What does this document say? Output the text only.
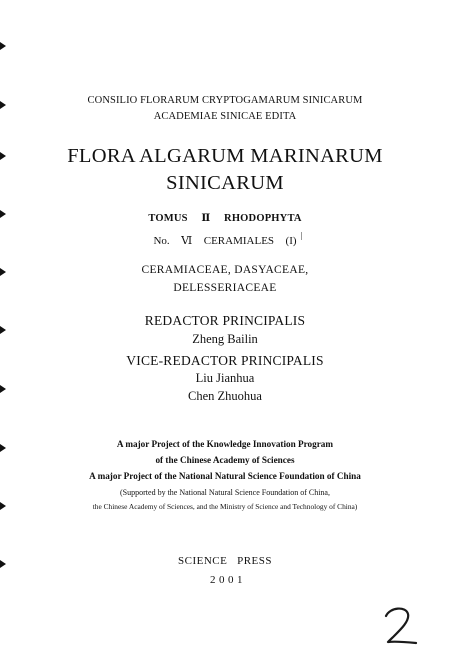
CONSILIO FLORARUM CRYPTOGAMARUM SINICARUM
ACADEMIAE SINICAE EDITA
FLORA ALGARUM MARINARUM
SINICARUM
TOMUS Ⅱ RHODOPHYTA
No. Ⅵ CERAMIALES (I)
CERAMIACEAE, DASYACEAE,
DELESSERIACEAE
REDACTOR PRINCIPALIS
Zheng Bailin
VICE-REDACTOR PRINCIPALIS
Liu Jianhua
Chen Zhuohua
A major Project of the Knowledge Innovation Program
of the Chinese Academy of Sciences
A major Project of the National Natural Science Foundation of China
(Supported by the National Natural Science Foundation of China,
the Chinese Academy of Sciences, and the Ministry of Science and Technology of China)
SCIENCE   PRESS
2001
